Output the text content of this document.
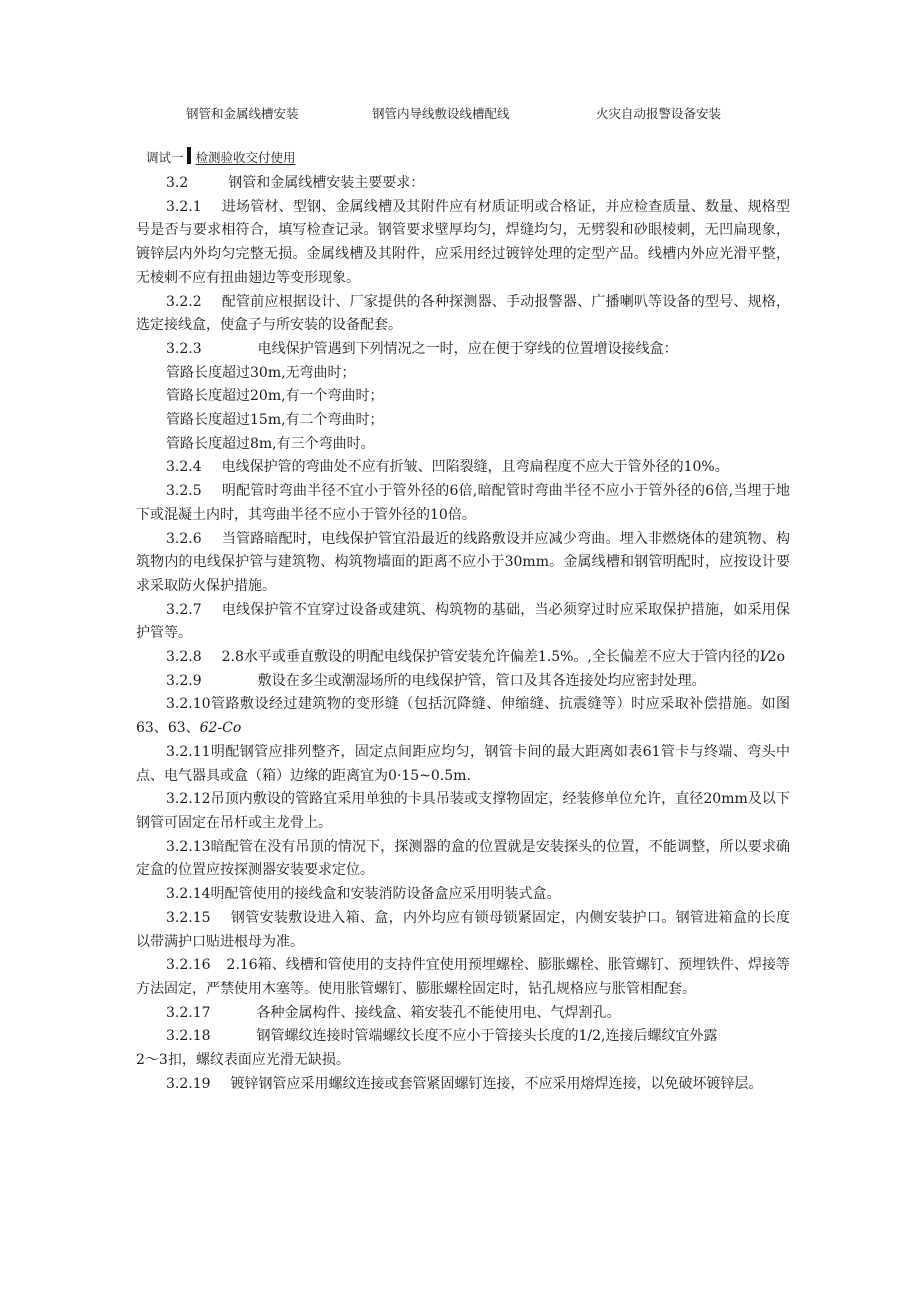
钢管和金属线槽安装	钢管内导线敷设线槽配线	火灾自动报警设备安装
调试一 检测验收交付使用

3.2	钢管和金属线槽安装主要要求：

3.2.1 进场管材、型钢、金属线槽及其附件应有材质证明或合格证，并应检查质量、数量、规格型号是否与要求相符合，填写检查记录。钢管要求壁厚均匀，焊缝均匀，无劈裂和砂眼棱刺，无凹扁现象，镀锌层内外均匀完整无损。金属线槽及其附件，应采用经过镀锌处理的定型产品。线槽内外应光滑平整，无棱刺不应有扭曲翅边等变形现象。

3.2.2 配管前应根据设计、厂家提供的各种探测器、手动报警器、广播喇叭等设备的型号、规格，选定接线盒，使盒子与所安装的设备配套。

3.2.3	电线保护管遇到下列情况之一时，应在便于穿线的位置增设接线盒：

管路长度超过30m,无弯曲时；

管路长度超过20m,有一个弯曲时；

管路长度超过15m,有二个弯曲时；

管路长度超过8m,有三个弯曲时。

3.2.4 电线保护管的弯曲处不应有折皱、凹陷裂缝，且弯扁程度不应大于管外径的10%。

3.2.5 明配管时弯曲半径不宜小于管外径的6倍,暗配管时弯曲半径不应小于管外径的6倍,当埋于地下或混凝土内时，其弯曲半径不应小于管外径的10倍。

3.2.6 当管路暗配时，电线保护管宜沿最近的线路敷设并应减少弯曲。埋入非燃烧体的建筑物、构筑物内的电线保护管与建筑物、构筑物墙面的距离不应小于30mm。金属线槽和钢管明配时，应按设计要求采取防火保护措施。

3.2.7 电线保护管不宜穿过设备或建筑、构筑物的基础，当必须穿过时应采取保护措施，如采用保护管等。

3.2.8 2.8水平或垂直敷设的明配电线保护管安装允许偏差1.5%。,全长偏差不应大于管内径的I⁄2o

3.2.9	敷设在多尘或潮湿场所的电线保护管，管口及其各连接处均应密封处理。

3.2.10管路敷设经过建筑物的变形缝（包括沉降缝、伸缩缝、抗震缝等）时应采取补偿措施。如图63、63、62-Co

3.2.11明配钢管应排列整齐，固定点间距应均匀，钢管卡间的最大距离如表61管卡与终端、弯头中点、电气器具或盒（箱）边缘的距离宜为0·15~0.5m.

3.2.12吊顶内敷设的管路宜采用单独的卡具吊装或支撑物固定，经装修单位允许，直径20mm及以下钢管可固定在吊杆或主龙骨上。

3.2.13暗配管在没有吊顶的情况下，探测器的盒的位置就是安装探头的位置，不能调整，所以要求确定盒的位置应按探测器安装要求定位。

3.2.14明配管使用的接线盒和安装消防设备盒应采用明装式盒。

3.2.15 钢管安装敷设进入箱、盒，内外均应有锁母锁紧固定，内侧安装护口。钢管进箱盒的长度以带满护口贴进根母为准。

3.2.16 2.16箱、线槽和管使用的支持件宜使用预埋螺栓、膨胀螺栓、胀管螺钉、预埋铁件、焊接等方法固定，严禁使用木塞等。使用胀管螺钉、膨胀螺栓固定时，钻孔规格应与胀管相配套。

3.2.17	各种金属构件、接线盒、箱安装孔不能使用电、气焊割孔。

3.2.18	钢管螺纹连接时管端螺纹长度不应小于管接头长度的1/2,连接后螺纹宜外露

2～3扣，螺纹表面应光滑无缺损。

3.2.19 镀锌钢管应采用螺纹连接或套管紧固螺钉连接，不应采用熔焊连接，以免破坏镀锌层。
